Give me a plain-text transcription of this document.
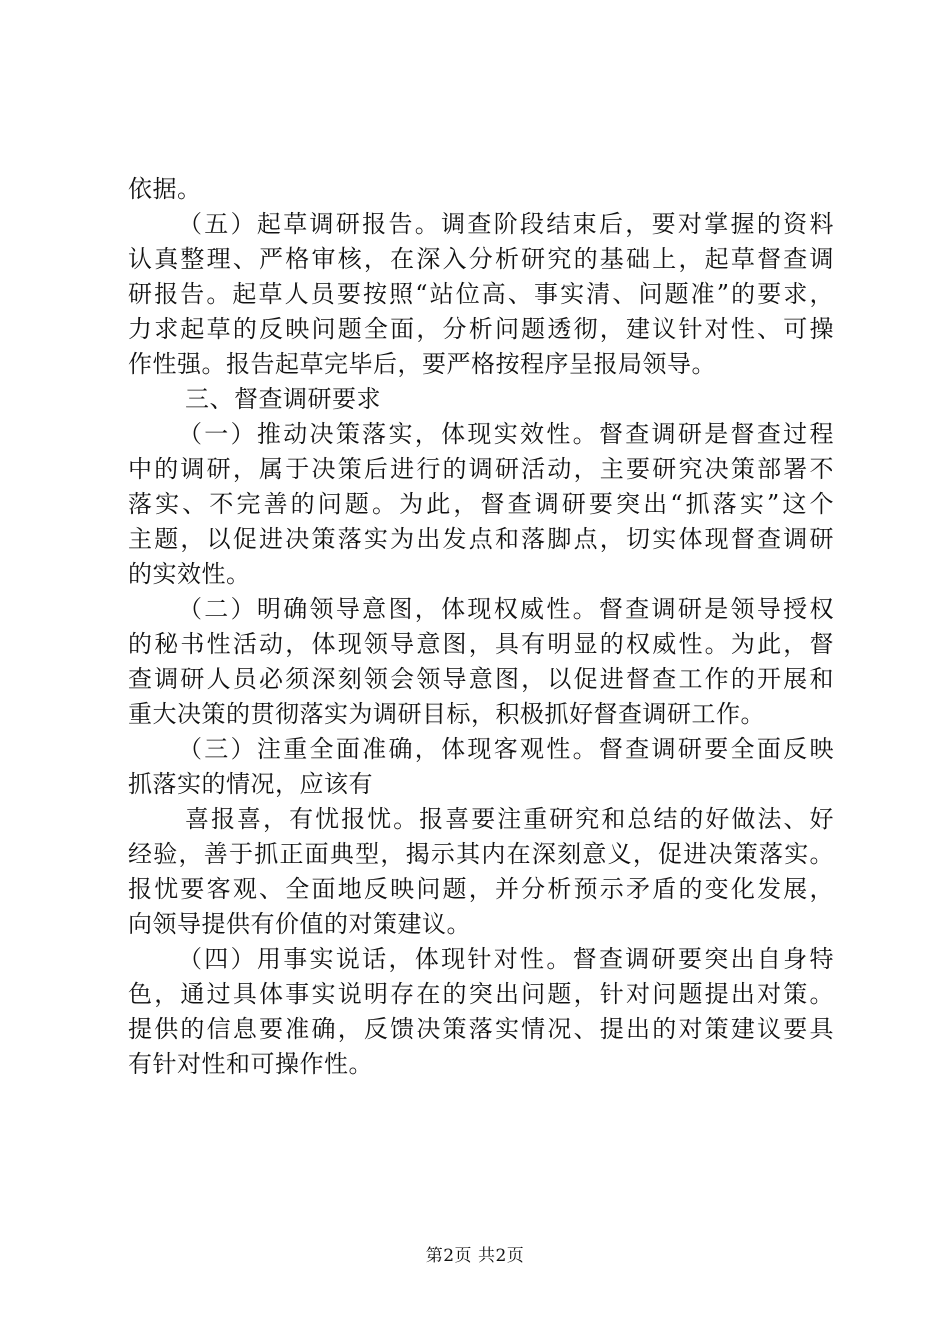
依据。
（五）起草调研报告。调查阶段结束后，要对掌握的资料
认真整理、严格审核，在深入分析研究的基础上，起草督查调
研报告。起草人员要按照“站位高、事实清、问题准”的要求，
力求起草的反映问题全面，分析问题透彻，建议针对性、可操
作性强。报告起草完毕后，要严格按程序呈报局领导。
三、督查调研要求
（一）推动决策落实，体现实效性。督查调研是督查过程
中的调研，属于决策后进行的调研活动，主要研究决策部署不
落实、不完善的问题。为此，督查调研要突出“抓落实”这个
主题，以促进决策落实为出发点和落脚点，切实体现督查调研
的实效性。
（二）明确领导意图，体现权威性。督查调研是领导授权
的秘书性活动，体现领导意图，具有明显的权威性。为此，督
查调研人员必须深刻领会领导意图，以促进督查工作的开展和
重大决策的贯彻落实为调研目标，积极抓好督查调研工作。
（三）注重全面准确，体现客观性。督查调研要全面反映
抓落实的情况，应该有
喜报喜，有忧报忧。报喜要注重研究和总结的好做法、好
经验，善于抓正面典型，揭示其内在深刻意义，促进决策落实。
报忧要客观、全面地反映问题，并分析预示矛盾的变化发展，
向领导提供有价值的对策建议。
（四）用事实说话，体现针对性。督查调研要突出自身特
色，通过具体事实说明存在的突出问题，针对问题提出对策。
提供的信息要准确，反馈决策落实情况、提出的对策建议要具
有针对性和可操作性。
第2页 共2页
